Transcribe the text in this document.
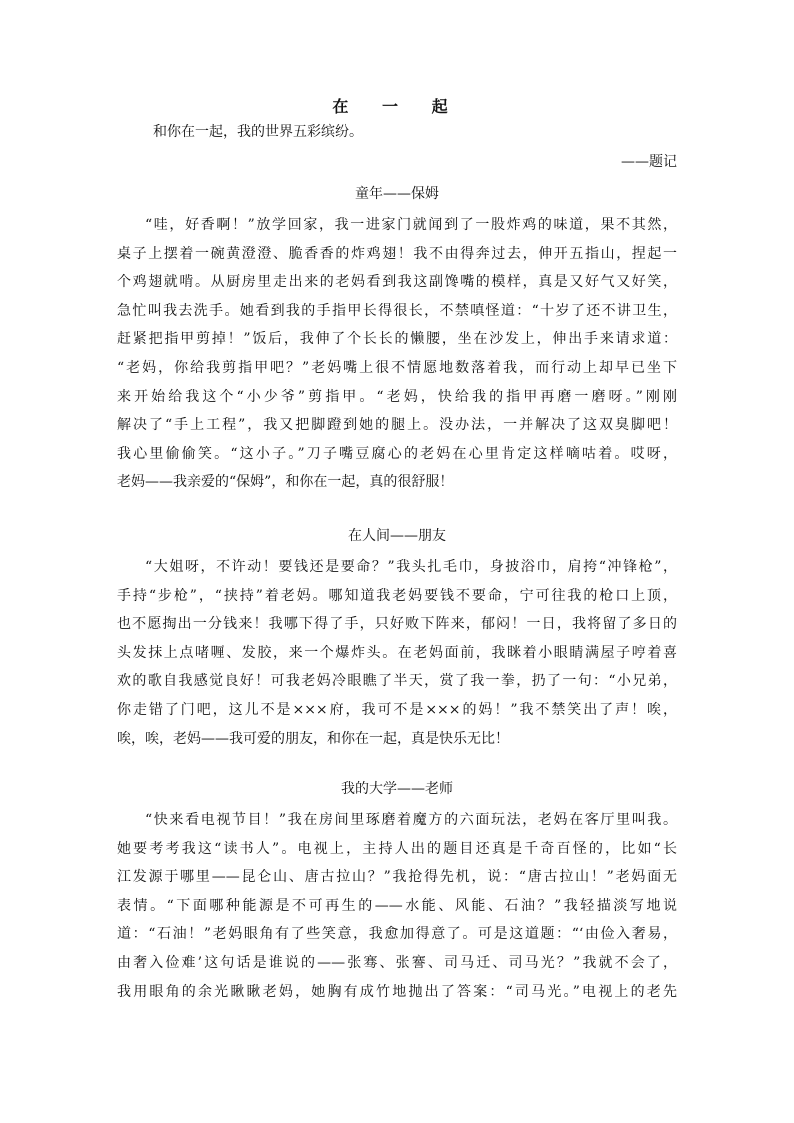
在 一 起
和你在一起，我的世界五彩缤纷。
——题记
童年——保姆
“哇，好香啊！”放学回家，我一进家门就闻到了一股炸鸡的味道，果不其然，
桌子上摆着一碗黄澄澄、脆香香的炸鸡翅！我不由得奔过去，伸开五指山，捏起一
个鸡翅就啃。从厨房里走出来的老妈看到我这副馋嘴的模样，真是又好气又好笑，
急忙叫我去洗手。她看到我的手指甲长得很长，不禁嗔怪道：“十岁了还不讲卫生，
赶紧把指甲剪掉！”饭后，我伸了个长长的懒腰，坐在沙发上，伸出手来请求道：
“老妈，你给我剪指甲吧？”老妈嘴上很不情愿地数落着我，而行动上却早已坐下
来开始给我这个“小少爷”剪指甲。“老妈，快给我的指甲再磨一磨呀。”刚刚
解决了“手上工程”，我又把脚蹬到她的腿上。没办法，一并解决了这双臭脚吧！
我心里偷偷笑。“这小子。”刀子嘴豆腐心的老妈在心里肯定这样嘀咕着。哎呀，
老妈——我亲爱的“保姆”，和你在一起，真的很舒服！
在人间——朋友
“大姐呀，不许动！要钱还是要命？”我头扎毛巾，身披浴巾，肩挎“冲锋枪”，
手持“步枪”，“挟持”着老妈。哪知道我老妈要钱不要命，宁可往我的枪口上顶，
也不愿掏出一分钱来！我哪下得了手，只好败下阵来，郁闷！一日，我将留了多日的
头发抹上点啫喱、发胶，来一个爆炸头。在老妈面前，我眯着小眼睛满屋子哼着喜
欢的歌自我感觉良好！可我老妈冷眼瞧了半天，赏了我一拳，扔了一句：“小兄弟，
你走错了门吧，这儿不是×××府，我可不是×××的妈！”我不禁笑出了声！唉，
唉，唉，老妈——我可爱的朋友，和你在一起，真是快乐无比！
我的大学——老师
“快来看电视节目！”我在房间里琢磨着魔方的六面玩法，老妈在客厅里叫我。
她要考考我这“读书人”。电视上，主持人出的题目还真是千奇百怪的，比如“长
江发源于哪里——昆仑山、唐古拉山？”我抢得先机，说：“唐古拉山！”老妈面无
表情。“下面哪种能源是不可再生的——水能、风能、石油？”我轻描淡写地说
道：“石油！”老妈眼角有了些笑意，我愈加得意了。可是这道题：“‘由俭入奢易，
由奢入俭难’这句话是谁说的——张骞、张謇、司马迁、司马光？”我就不会了，
我用眼角的余光瞅瞅老妈，她胸有成竹地抛出了答案：“司马光。”电视上的老先
